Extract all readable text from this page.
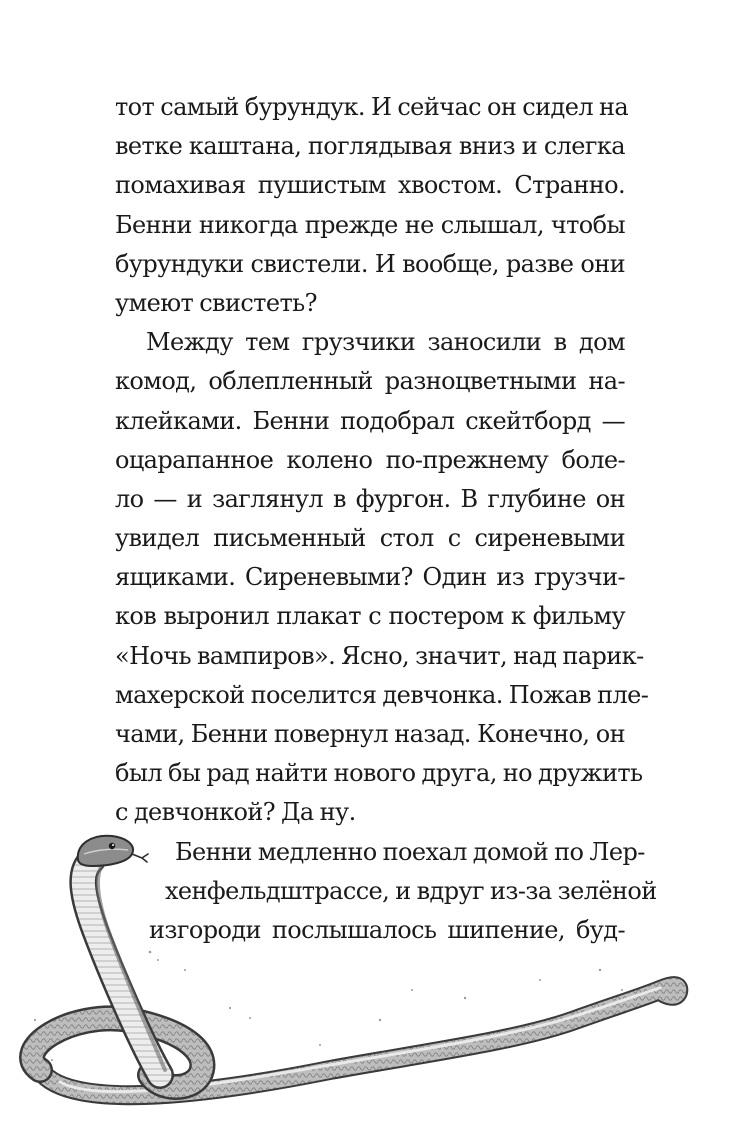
тот самый бурундук. И сейчас он сидел на
ветке каштана, поглядывая вниз и слегка
помахивая пушистым хвостом. Странно.
Бенни никогда прежде не слышал, чтобы
бурундуки свистели. И вообще, разве они
умеют свистеть?
Между тем грузчики заносили в дом
комод, облепленный разноцветными на-
клейками. Бенни подобрал скейтборд —
оцарапанное колено по-прежнему боле-
ло — и заглянул в фургон. В глубине он
увидел письменный стол с сиреневыми
ящиками. Сиреневыми? Один из грузчи-
ков выронил плакат с постером к фильму
«Ночь вампиров». Ясно, значит, над парик-
махерской поселится девчонка. Пожав пле-
чами, Бенни повернул назад. Конечно, он
был бы рад найти нового друга, но дружить
с девчонкой? Да ну.
Бенни медленно поехал домой по Лер-
хенфельдштрассе, и вдруг из-за зелёной
изгороди послышалось шипение, буд-
